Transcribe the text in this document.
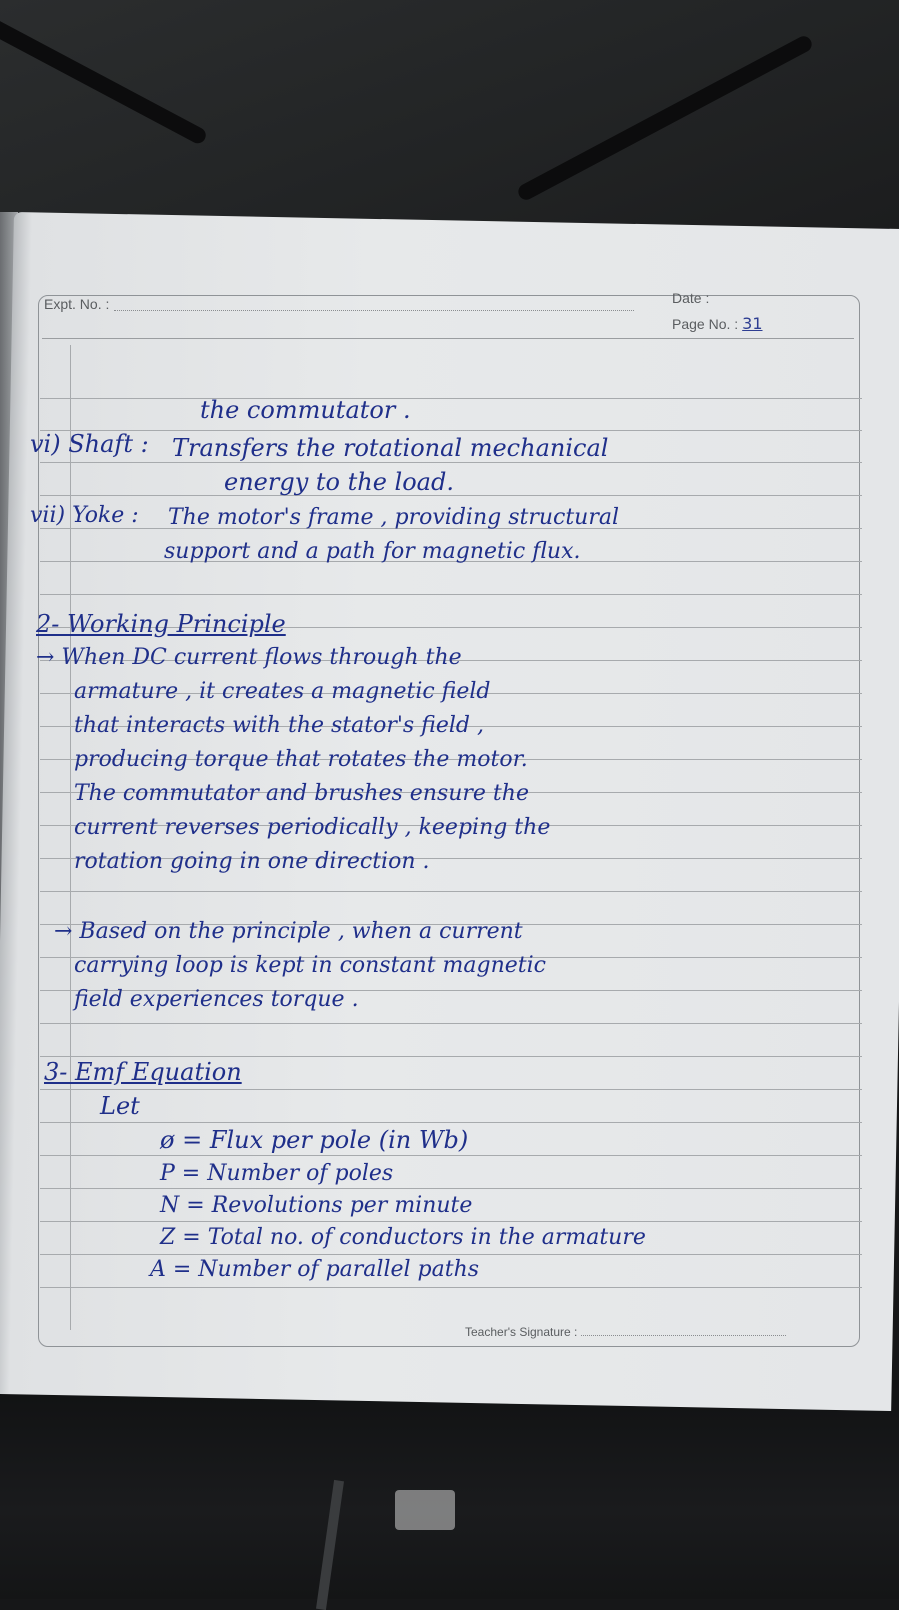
Expt. No. :	Date :
Page No. : 31
the commutator .
vi) Shaft : Transfers the rotational mechanical
energy to the load.
vii) Yoke : The motor's frame , providing structural
support and a path for magnetic flux.
2- Working Principle
→ When DC current flows through the
armature , it creates a magnetic field
that interacts with the stator's field ,
producing torque that rotates the motor.
The commutator and brushes ensure the
current reverses periodically , keeping the
rotation going in one direction .
→ Based on the principle , when a current
carrying loop is kept in constant magnetic
field experiences torque .
3- Emf Equation
Let
ø = Flux per pole (in Wb)
P = Number of poles
N = Revolutions per minute
Z = Total no. of conductors in the armature
A = Number of parallel paths
Teacher's Signature :
